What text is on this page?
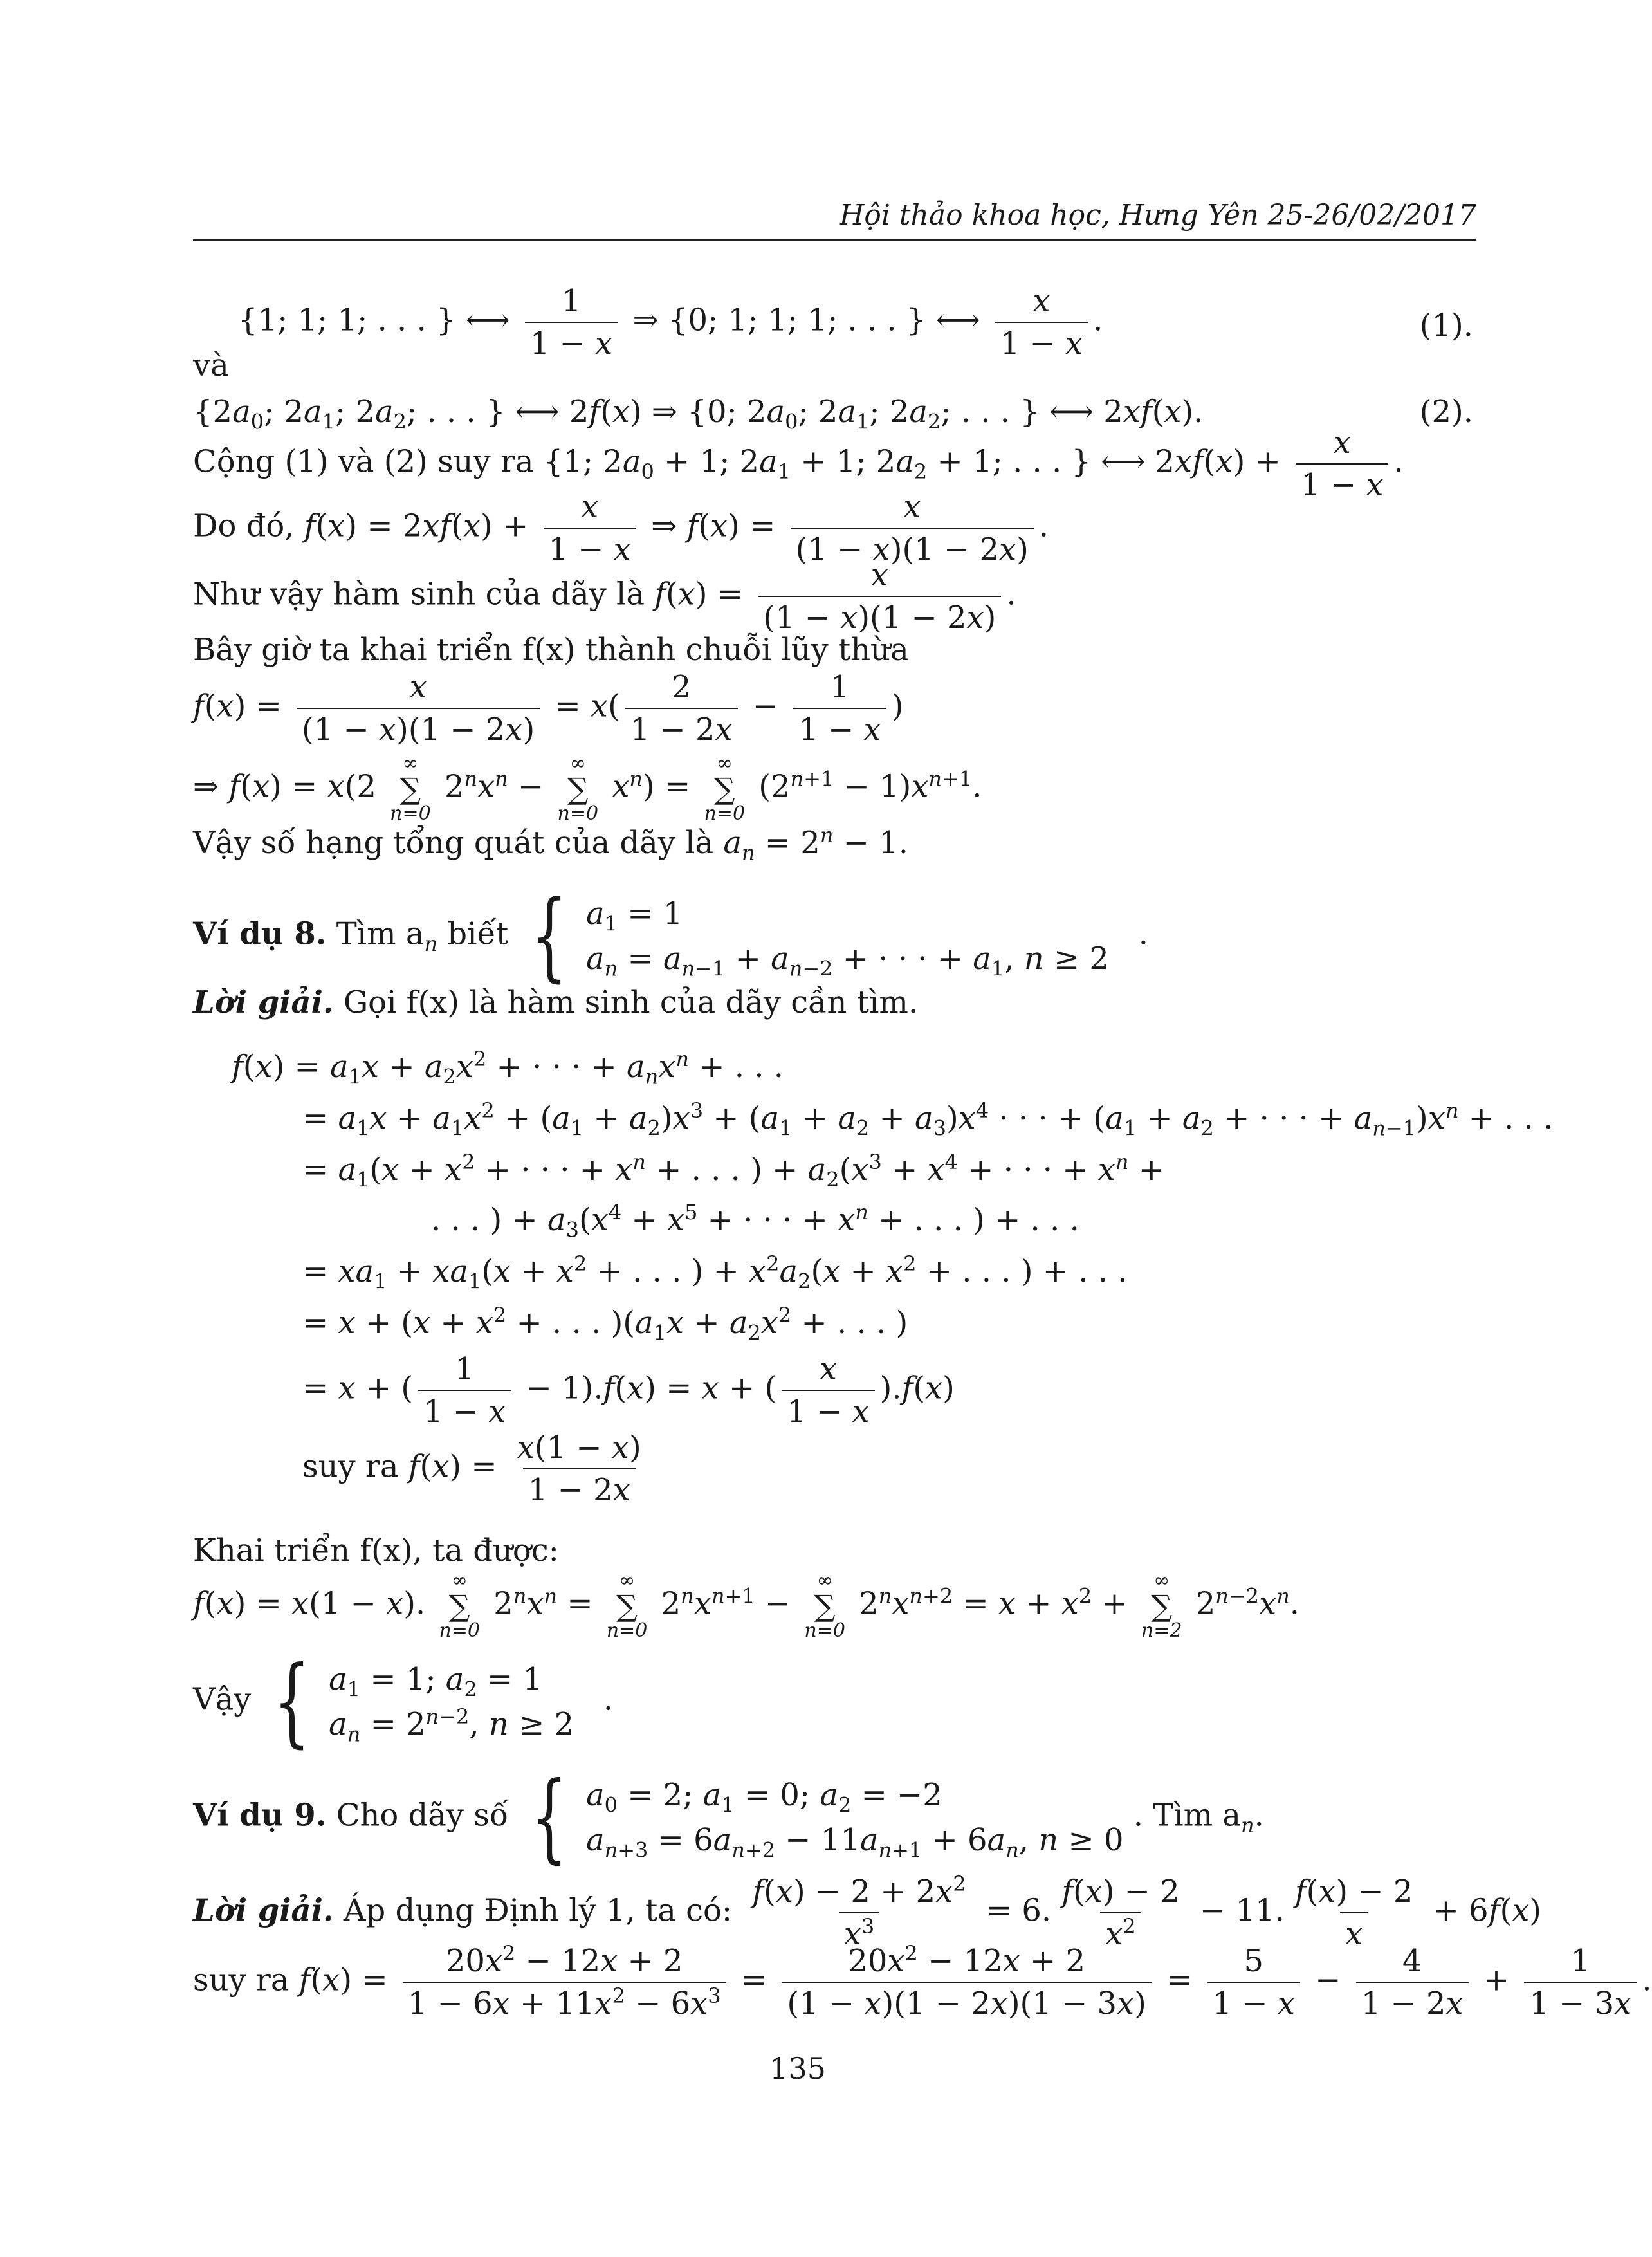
Hội thảo khoa học, Hưng Yên 25-26/02/2017
{1; 1; 1; . . . } ⟷ $\frac{1}{1 - x}$ ⇒ {0; 1; 1; 1; . . . } ⟷ $\frac{x}{1 - x}$ .	(1).
và
{$2a_0$; $2a_1$; $2a_2$; . . . } ⟷ 2f(x) ⇒ {0; $2a_0$; $2a_1$; $2a_2$; . . . } ⟷ 2xf(x).	(2).
Cộng (1) và (2) suy ra {1; $2a_0 + 1$; $2a_1 + 1$; $2a_2 + 1$; . . . } ⟷ $2xf(x) + \frac{x}{1 - x}$ .
Do đó, $f(x) = 2xf(x) + \frac{x}{1 - x}$ ⇒ $f(x) = \frac{x}{(1 - x)(1 - 2x)}$ .
Như vậy hàm sinh của dãy là $f(x) = \frac{x}{(1 - x)(1 - 2x)}$ .
Bây giờ ta khai triển f(x) thành chuỗi lũy thừa
$f(x) = \frac{x}{(1 - x)(1 - 2x)} = x( \frac{2}{1 - 2x} - \frac{1}{1 - x}$ )
⇒ f(x) = x(2
∞
∑
n=0
$2^nx^n$ −
∞
∑
n=0
$x^n$) =
∞
∑
n=0
$(2^{n+1} - 1)x^{n+1}$.
Vậy số hạng tổng quát của dãy là $a_n = 2^n - 1$.
Ví dụ 8. Tìm $a_n$ biết { $a_1 = 1$
$a_n = a_{n-1} + a_{n-2}$ + · · · + $a_1$, n ≥ 2
.
Lời giải. Gọi f(x) là hàm sinh của dãy cần tìm.
$f(x) = a_1x + a_2x^2$ + · · · + $a_nx^n$ + . . .
= $a_1x + a_1x^2 + (a_1 + a_2)x^3 + (a_1 + a_2 + a_3)x^4$ · · · + ($a_1 + a_2$ + · · · + $a_{n-1})x^n$ + . . .
= $a_1(x + x^2$ + · · · + $x^n$ + . . . ) + $a_2(x^3 + x^4$ + · · · + $x^n$ +
. . . ) + $a_3(x^4 + x^5$ + · · · + $x^n$ + . . . ) + . . .
= $xa_1 + xa_1(x + x^2$ + . . . ) + $x^2a_2(x + x^2$ + . . . ) + . . .
= $x + (x + x^2$ + . . . )($a_1x + a_2x^2$ + . . . )
= x + ( $\frac{1}{1 - x} - 1).f(x) = x$ + ( $\frac{x}{1 - x} ).f(x)$
suy ra $f(x) = \frac{x(1 - x)}{1 - 2x}$
Khai triển f(x), ta được:
f(x) = x(1 − x).
∞
∑
n=0
$2^nx^n$ =
∞
∑
n=0
$2^nx^{n+1}$ −
∞
∑
n=0
$2^nx^{n+2} = x + x^2$ +
∞
∑
n=2
$2^{n-2}x^n$.
Vậy { $a_1 = 1$; $a_2 = 1$
$a_n = 2^{n-2}$, n ≥ 2
.
Ví dụ 9. Cho dãy số { $a_0 = 2$; $a_1 = 0$; $a_2 = -2$
$a_{n+3} = 6a_{n+2} - 11a_{n+1} + 6a_n$, n ≥ 0
. Tìm $a_n$.
Lời giải. Áp dụng Định lý 1, ta có: $\frac{f(x) - 2 + 2x^2}{x^3} = 6$. $\frac{f(x) - 2}{x^2} - 11$. $\frac{f(x) - 2}{x} + 6f(x)$
suy ra $f(x) = \frac{20x^2 - 12x + 2}{1 - 6x + 11x^2 - 6x^3} = \frac{20x^2 - 12x + 2}{(1 - x)(1 - 2x)(1 - 3x)} = \frac{5}{1 - x} - \frac{4}{1 - 2x} + \frac{1}{1 - 3x}$ .
135
